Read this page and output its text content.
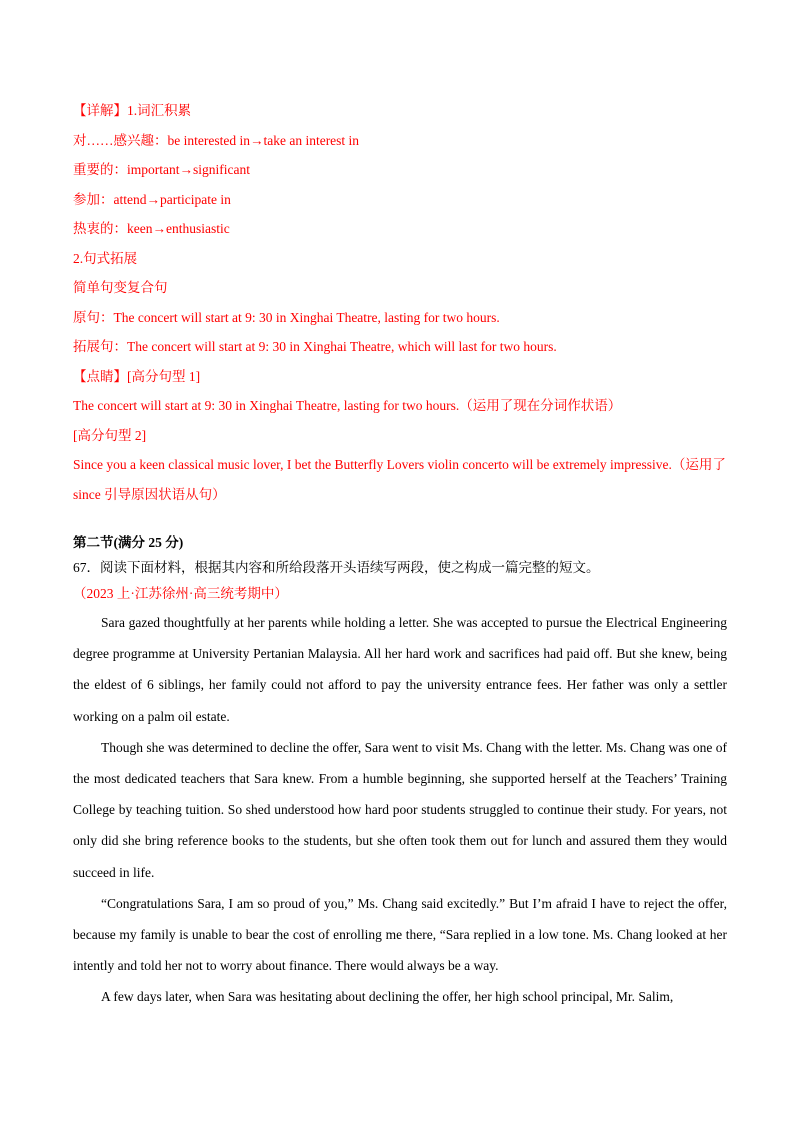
【详解】1.词汇积累
对……感兴趣：be interested in→take an interest in
重要的：important→significant
参加：attend→participate in
热衷的：keen→enthusiastic
2.句式拓展
简单句变复合句
原句：The concert will start at 9: 30 in Xinghai Theatre, lasting for two hours.
拓展句：The concert will start at 9: 30 in Xinghai Theatre, which will last for two hours.
【点睛】[高分句型 1]
The concert will start at 9: 30 in Xinghai Theatre, lasting for two hours.（运用了现在分词作状语）
[高分句型 2]
Since you a keen classical music lover, I bet the Butterfly Lovers violin concerto will be extremely impressive.（运用了 since 引导原因状语从句）
第二节(满分 25 分)
67．阅读下面材料，根据其内容和所给段落开头语续写两段，使之构成一篇完整的短文。
（2023 上·江苏徐州·高三统考期中）

Sara gazed thoughtfully at her parents while holding a letter. She was accepted to pursue the Electrical Engineering degree programme at University Pertanian Malaysia. All her hard work and sacrifices had paid off. But she knew, being the eldest of 6 siblings, her family could not afford to pay the university entrance fees. Her father was only a settler working on a palm oil estate.

Though she was determined to decline the offer, Sara went to visit Ms. Chang with the letter. Ms. Chang was one of the most dedicated teachers that Sara knew. From a humble beginning, she supported herself at the Teachers’ Training College by teaching tuition. So shed understood how hard poor students struggled to continue their study. For years, not only did she bring reference books to the students, but she often took them out for lunch and assured them they would succeed in life.

“Congratulations Sara, I am so proud of you,” Ms. Chang said excitedly.” But I’m afraid I have to reject the offer, because my family is unable to bear the cost of enrolling me there, “Sara replied in a low tone. Ms. Chang looked at her intently and told her not to worry about finance. There would always be a way.

A few days later, when Sara was hesitating about declining the offer, her high school principal, Mr. Salim,
